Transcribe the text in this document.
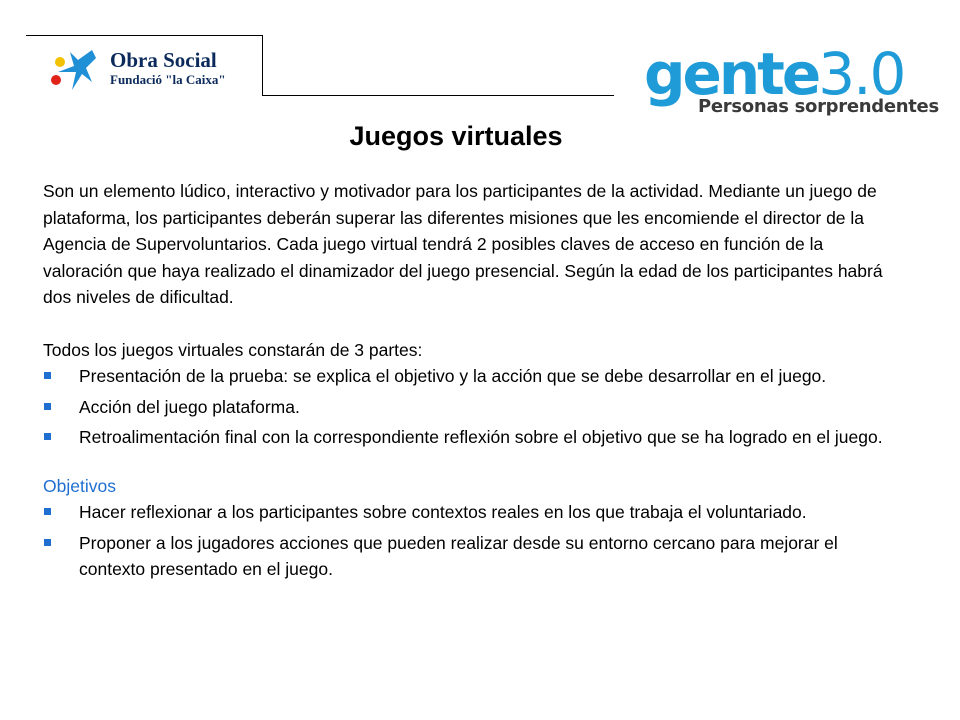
Obra Social
Fundació "la Caixa"	gente3.0
Personas sorprendentes
Juegos virtuales

Son un elemento lúdico, interactivo y motivador para los participantes de la actividad. Mediante un juego de plataforma, los participantes deberán superar las diferentes misiones que les encomiende el director de la Agencia de Supervoluntarios. Cada juego virtual tendrá 2 posibles claves de acceso en función de la valoración que haya realizado el dinamizador del juego presencial. Según la edad de los participantes habrá dos niveles de dificultad.

Todos los juegos virtuales constarán de 3 partes:

Presentación de la prueba: se explica el objetivo y la acción que se debe desarrollar en el juego.
Acción del juego plataforma.
Retroalimentación final con la correspondiente reflexión sobre el objetivo que se ha logrado en el juego.

Objetivos

Hacer reflexionar a los participantes sobre contextos reales en los que trabaja el voluntariado.
Proponer a los jugadores acciones que pueden realizar desde su entorno cercano para mejorar el contexto presentado en el juego.
